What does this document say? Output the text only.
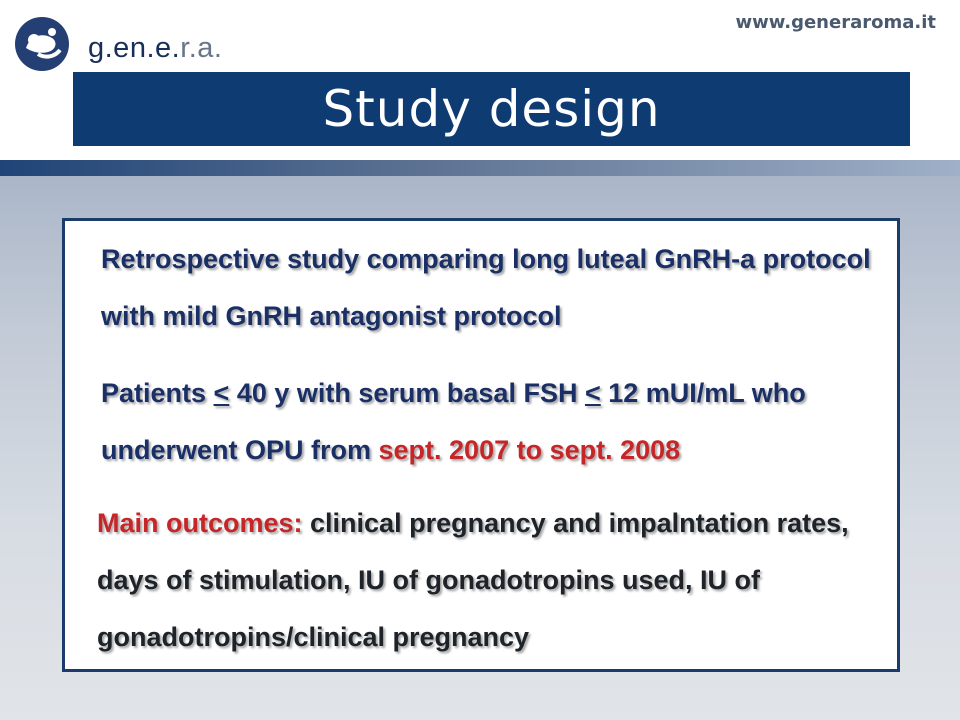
g.en.e.r.a.
www.generaroma.it
Study design

Retrospective study comparing long luteal GnRH-a protocol with mild GnRH antagonist protocol

Patients ≤ 40 y with serum basal FSH ≤ 12 mUI/mL who underwent OPU from sept. 2007 to sept. 2008

Main outcomes: clinical pregnancy and impalntation rates, days of stimulation, IU of gonadotropins used, IU of gonadotropins/clinical pregnancy
